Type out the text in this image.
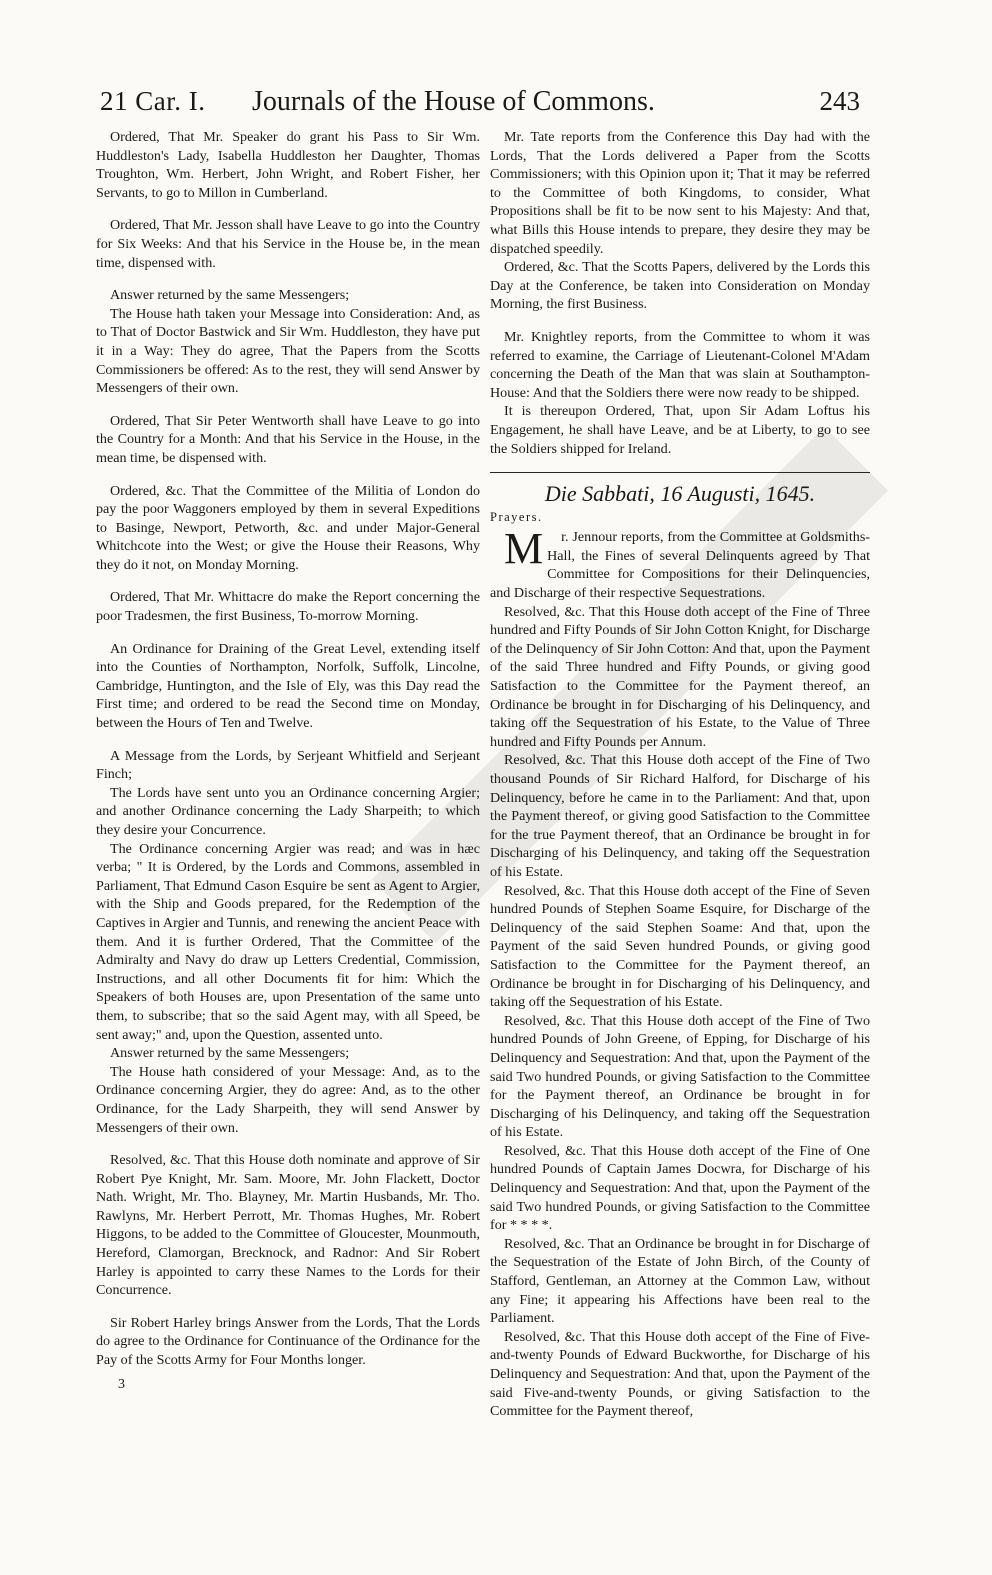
21 Car. I. Journals of the House of Commons.	243

Ordered, That Mr. Speaker do grant his Pass to Sir Wm. Huddleston's Lady, Isabella Huddleston her Daughter, Thomas Troughton, Wm. Herbert, John Wright, and Robert Fisher, her Servants, to go to Millon in Cumberland.

Ordered, That Mr. Jesson shall have Leave to go into the Country for Six Weeks: And that his Service in the House be, in the mean time, dispensed with.

Answer returned by the same Messengers;

The House hath taken your Message into Consideration: And, as to That of Doctor Bastwick and Sir Wm. Huddleston, they have put it in a Way: They do agree, That the Papers from the Scotts Commissioners be offered: As to the rest, they will send Answer by Messengers of their own.

Ordered, That Sir Peter Wentworth shall have Leave to go into the Country for a Month: And that his Service in the House, in the mean time, be dispensed with.

Ordered, &c. That the Committee of the Militia of London do pay the poor Waggoners employed by them in several Expeditions to Basinge, Newport, Petworth, &c. and under Major-General Whitchcote into the West; or give the House their Reasons, Why they do it not, on Monday Morning.

Ordered, That Mr. Whittacre do make the Report concerning the poor Tradesmen, the first Business, To-morrow Morning.

An Ordinance for Draining of the Great Level, extending itself into the Counties of Northampton, Norfolk, Suffolk, Lincolne, Cambridge, Huntington, and the Isle of Ely, was this Day read the First time; and ordered to be read the Second time on Monday, between the Hours of Ten and Twelve.

A Message from the Lords, by Serjeant Whitfield and Serjeant Finch;

The Lords have sent unto you an Ordinance concerning Argier; and another Ordinance concerning the Lady Sharpeith; to which they desire your Concurrence.

The Ordinance concerning Argier was read; and was in hæc verba; " It is Ordered, by the Lords and Commons, assembled in Parliament, That Edmund Cason Esquire be sent as Agent to Argier, with the Ship and Goods prepared, for the Redemption of the Captives in Argier and Tunnis, and renewing the ancient Peace with them. And it is further Ordered, That the Committee of the Admiralty and Navy do draw up Letters Credential, Commission, Instructions, and all other Documents fit for him: Which the Speakers of both Houses are, upon Presentation of the same unto them, to subscribe; that so the said Agent may, with all Speed, be sent away;" and, upon the Question, assented unto.

Answer returned by the same Messengers;

The House hath considered of your Message: And, as to the Ordinance concerning Argier, they do agree: And, as to the other Ordinance, for the Lady Sharpeith, they will send Answer by Messengers of their own.

Resolved, &c. That this House doth nominate and approve of Sir Robert Pye Knight, Mr. Sam. Moore, Mr. John Flackett, Doctor Nath. Wright, Mr. Tho. Blayney, Mr. Martin Husbands, Mr. Tho. Rawlyns, Mr. Herbert Perrott, Mr. Thomas Hughes, Mr. Robert Higgons, to be added to the Committee of Gloucester, Mounmouth, Hereford, Clamorgan, Brecknock, and Radnor: And Sir Robert Harley is appointed to carry these Names to the Lords for their Concurrence.

Sir Robert Harley brings Answer from the Lords, That the Lords do agree to the Ordinance for Continuance of the Ordinance for the Pay of the Scotts Army for Four Months longer.

3

Mr. Tate reports from the Conference this Day had with the Lords, That the Lords delivered a Paper from the Scotts Commissioners; with this Opinion upon it; That it may be referred to the Committee of both Kingdoms, to consider, What Propositions shall be fit to be now sent to his Majesty: And that, what Bills this House intends to prepare, they desire they may be dispatched speedily.

Ordered, &c. That the Scotts Papers, delivered by the Lords this Day at the Conference, be taken into Consideration on Monday Morning, the first Business.

Mr. Knightley reports, from the Committee to whom it was referred to examine, the Carriage of Lieutenant-Colonel M'Adam concerning the Death of the Man that was slain at Southampton-House: And that the Soldiers there were now ready to be shipped.

It is thereupon Ordered, That, upon Sir Adam Loftus his Engagement, he shall have Leave, and be at Liberty, to go to see the Soldiers shipped for Ireland.

Die Sabbati, 16 Augusti, 1645.
Prayers.

Mr. Jennour reports, from the Committee at Goldsmiths-Hall, the Fines of several Delinquents agreed by That Committee for Compositions for their Delinquencies, and Discharge of their respective Sequestrations.

Resolved, &c. That this House doth accept of the Fine of Three hundred and Fifty Pounds of Sir John Cotton Knight, for Discharge of the Delinquency of Sir John Cotton: And that, upon the Payment of the said Three hundred and Fifty Pounds, or giving good Satisfaction to the Committee for the Payment thereof, an Ordinance be brought in for Discharging of his Delinquency, and taking off the Sequestration of his Estate, to the Value of Three hundred and Fifty Pounds per Annum.

Resolved, &c. That this House doth accept of the Fine of Two thousand Pounds of Sir Richard Halford, for Discharge of his Delinquency, before he came in to the Parliament: And that, upon the Payment thereof, or giving good Satisfaction to the Committee for the true Payment thereof, that an Ordinance be brought in for Discharging of his Delinquency, and taking off the Sequestration of his Estate.

Resolved, &c. That this House doth accept of the Fine of Seven hundred Pounds of Stephen Soame Esquire, for Discharge of the Delinquency of the said Stephen Soame: And that, upon the Payment of the said Seven hundred Pounds, or giving good Satisfaction to the Committee for the Payment thereof, an Ordinance be brought in for Discharging of his Delinquency, and taking off the Sequestration of his Estate.

Resolved, &c. That this House doth accept of the Fine of Two hundred Pounds of John Greene, of Epping, for Discharge of his Delinquency and Sequestration: And that, upon the Payment of the said Two hundred Pounds, or giving Satisfaction to the Committee for the Payment thereof, an Ordinance be brought in for Discharging of his Delinquency, and taking off the Sequestration of his Estate.

Resolved, &c. That this House doth accept of the Fine of One hundred Pounds of Captain James Docwra, for Discharge of his Delinquency and Sequestration: And that, upon the Payment of the said Two hundred Pounds, or giving Satisfaction to the Committee for * * * *.

Resolved, &c. That an Ordinance be brought in for Discharge of the Sequestration of the Estate of John Birch, of the County of Stafford, Gentleman, an Attorney at the Common Law, without any Fine; it appearing his Affections have been real to the Parliament.

Resolved, &c. That this House doth accept of the Fine of Five-and-twenty Pounds of Edward Buckworthe, for Discharge of his Delinquency and Sequestration: And that, upon the Payment of the said Five-and-twenty Pounds, or giving Satisfaction to the Committee for the Payment thereof,
